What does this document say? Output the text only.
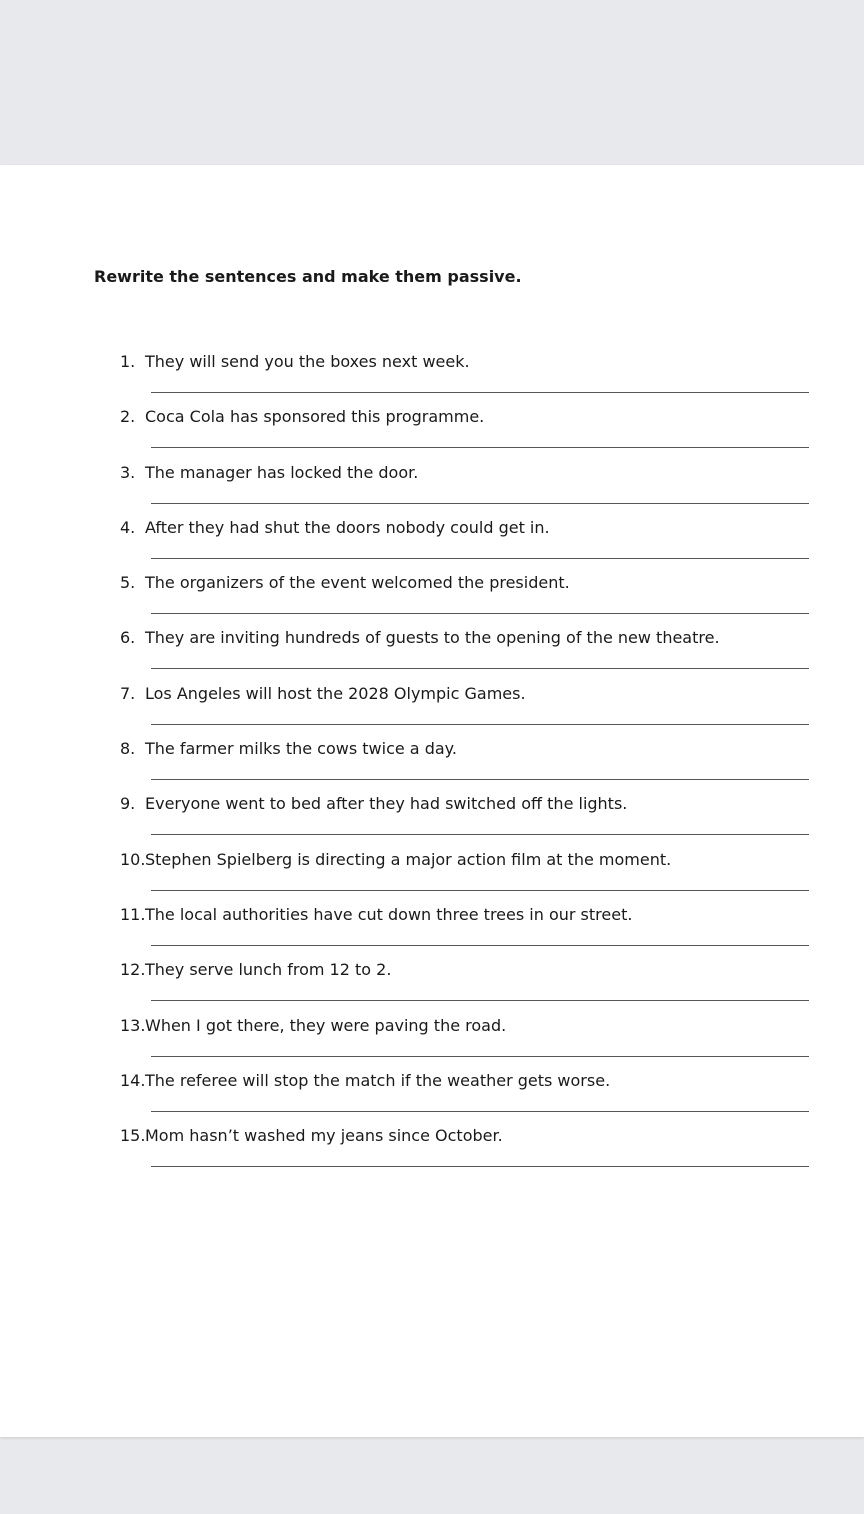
Rewrite the sentences and make them passive.
1. They will send you the boxes next week.
2. Coca Cola has sponsored this programme.
3. The manager has locked the door.
4. After they had shut the doors nobody could get in.
5. The organizers of the event welcomed the president.
6. They are inviting hundreds of guests to the opening of the new theatre.
7. Los Angeles will host the 2028 Olympic Games.
8. The farmer milks the cows twice a day.
9. Everyone went to bed after they had switched off the lights.
10. Stephen Spielberg is directing a major action film at the moment.
11. The local authorities have cut down three trees in our street.
12. They serve lunch from 12 to 2.
13. When I got there, they were paving the road.
14. The referee will stop the match if the weather gets worse.
15. Mom hasn’t washed my jeans since October.
